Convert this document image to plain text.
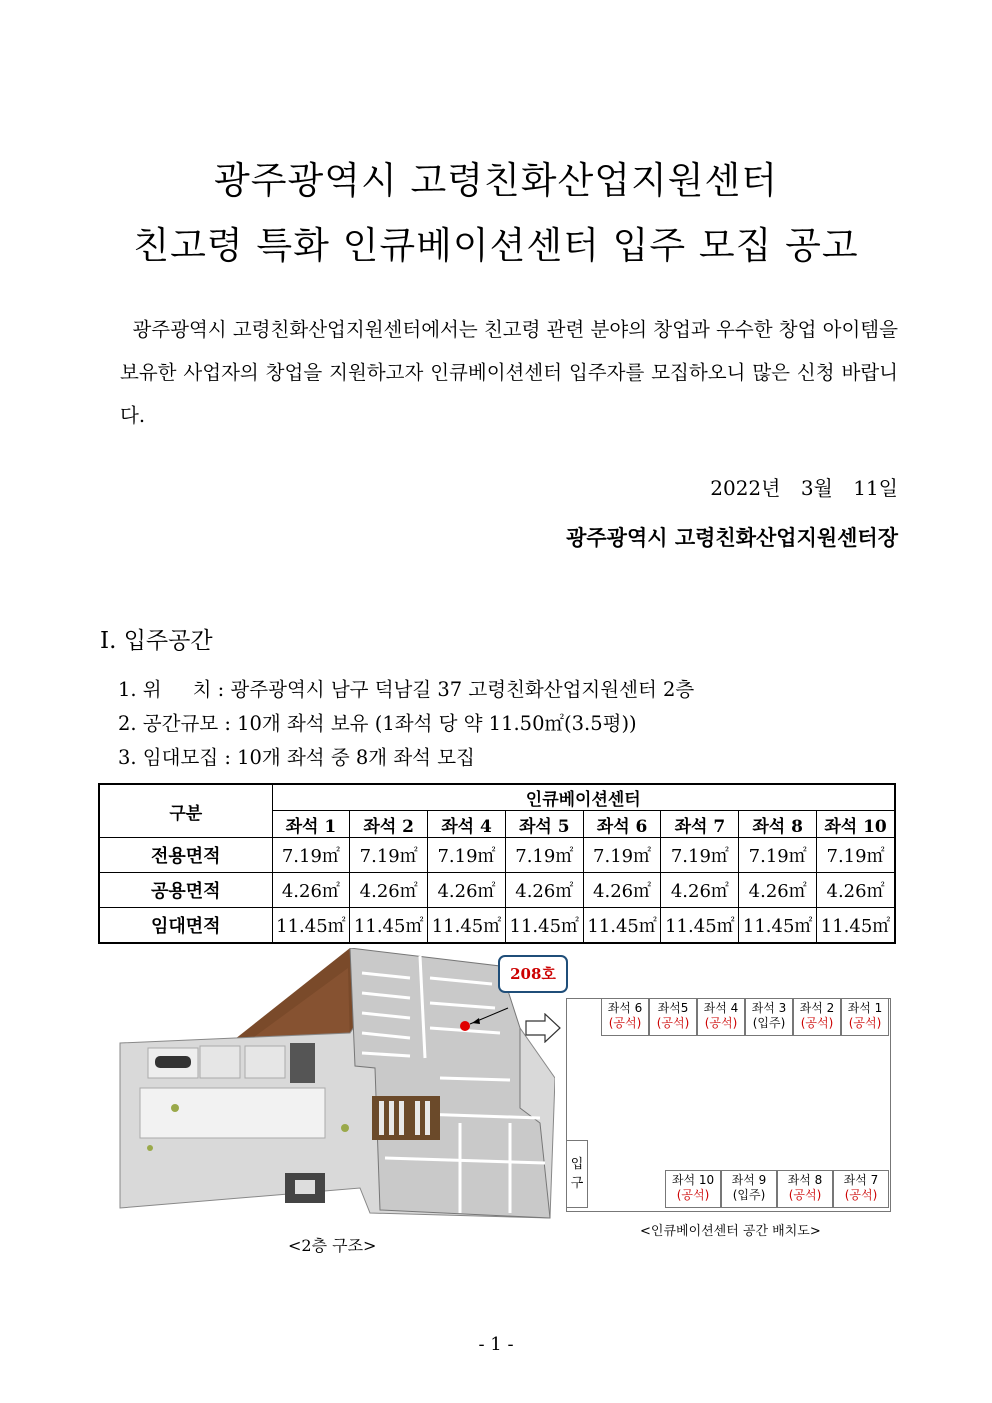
광주광역시 고령친화산업지원센터
친고령 특화 인큐베이션센터 입주 모집 공고
광주광역시 고령친화산업지원센터에서는 친고령 관련 분야의 창업과 우수한 창업 아이템을 보유한 사업자의 창업을 지원하고자 인큐베이션센터 입주자를 모집하오니 많은 신청 바랍니다.
2022년 3월 11일
광주광역시 고령친화산업지원센터장
Ⅰ. 입주공간
1. 위     치 : 광주광역시 남구 덕남길 37 고령친화산업지원센터 2층
2. 공간규모 : 10개 좌석 보유 (1좌석 당 약 11.50㎡(3.5평))
3. 임대모집 : 10개 좌석 중 8개 좌석 모집
구분	인큐베이션센터							
	좌석 1	좌석 2	좌석 4	좌석 5	좌석 6	좌석 7	좌석 8	좌석 10
전용면적	7.19㎡	7.19㎡	7.19㎡	7.19㎡	7.19㎡	7.19㎡	7.19㎡	7.19㎡
공용면적	4.26㎡	4.26㎡	4.26㎡	4.26㎡	4.26㎡	4.26㎡	4.26㎡	4.26㎡
임대면적	11.45㎡	11.45㎡	11.45㎡	11.45㎡	11.45㎡	11.45㎡	11.45㎡	11.45㎡
208호
<2층 구조>
좌석 6
(공석)
좌석5
(공석)
좌석 4
(공석)
좌석 3
(입주)
좌석 2
(공석)
좌석 1
(공석)
좌석 10
(공석)
좌석 9
(입주)
좌석 8
(공석)
좌석 7
(공석)
입
구
<인큐베이션센터 공간 배치도>
- 1 -
